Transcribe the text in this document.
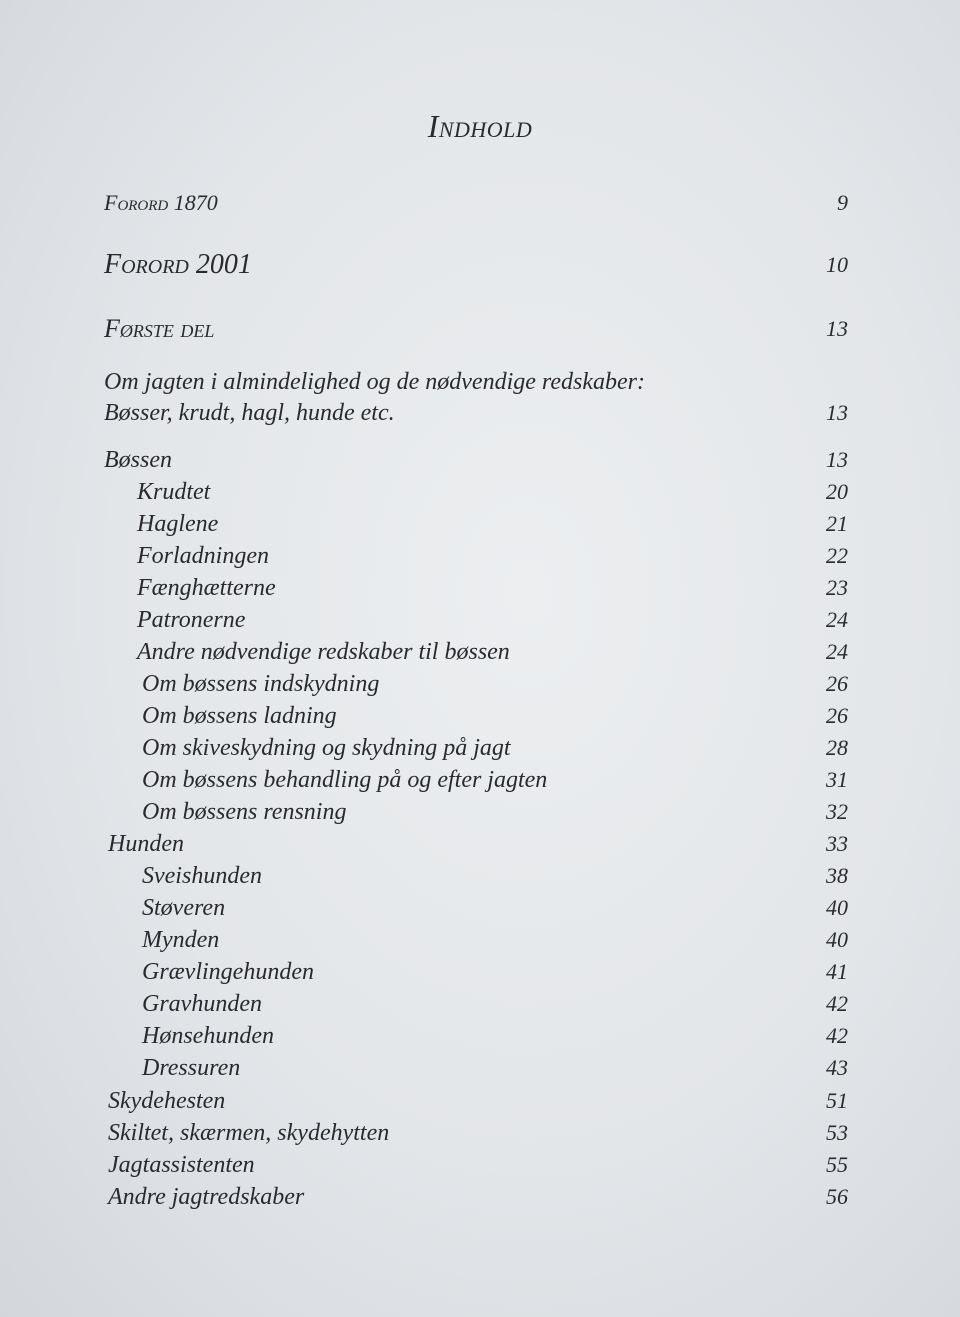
Indhold
Forord 1870	9
Forord 2001	10
Første del	13
Om jagten i almindelighed og de nødvendige redskaber:
Bøsser, krudt, hagl, hunde etc.	13
Bøssen	13
Krudtet	20
Haglene	21
Forladningen	22
Fænghætterne	23
Patronerne	24
Andre nødvendige redskaber til bøssen	24
Om bøssens indskydning	26
Om bøssens ladning	26
Om skiveskydning og skydning på jagt	28
Om bøssens behandling på og efter jagten	31
Om bøssens rensning	32
Hunden	33
Sveishunden	38
Støveren	40
Mynden	40
Grævlingehunden	41
Gravhunden	42
Hønsehunden	42
Dressuren	43
Skydehesten	51
Skiltet, skærmen, skydehytten	53
Jagtassistenten	55
Andre jagtredskaber	56
